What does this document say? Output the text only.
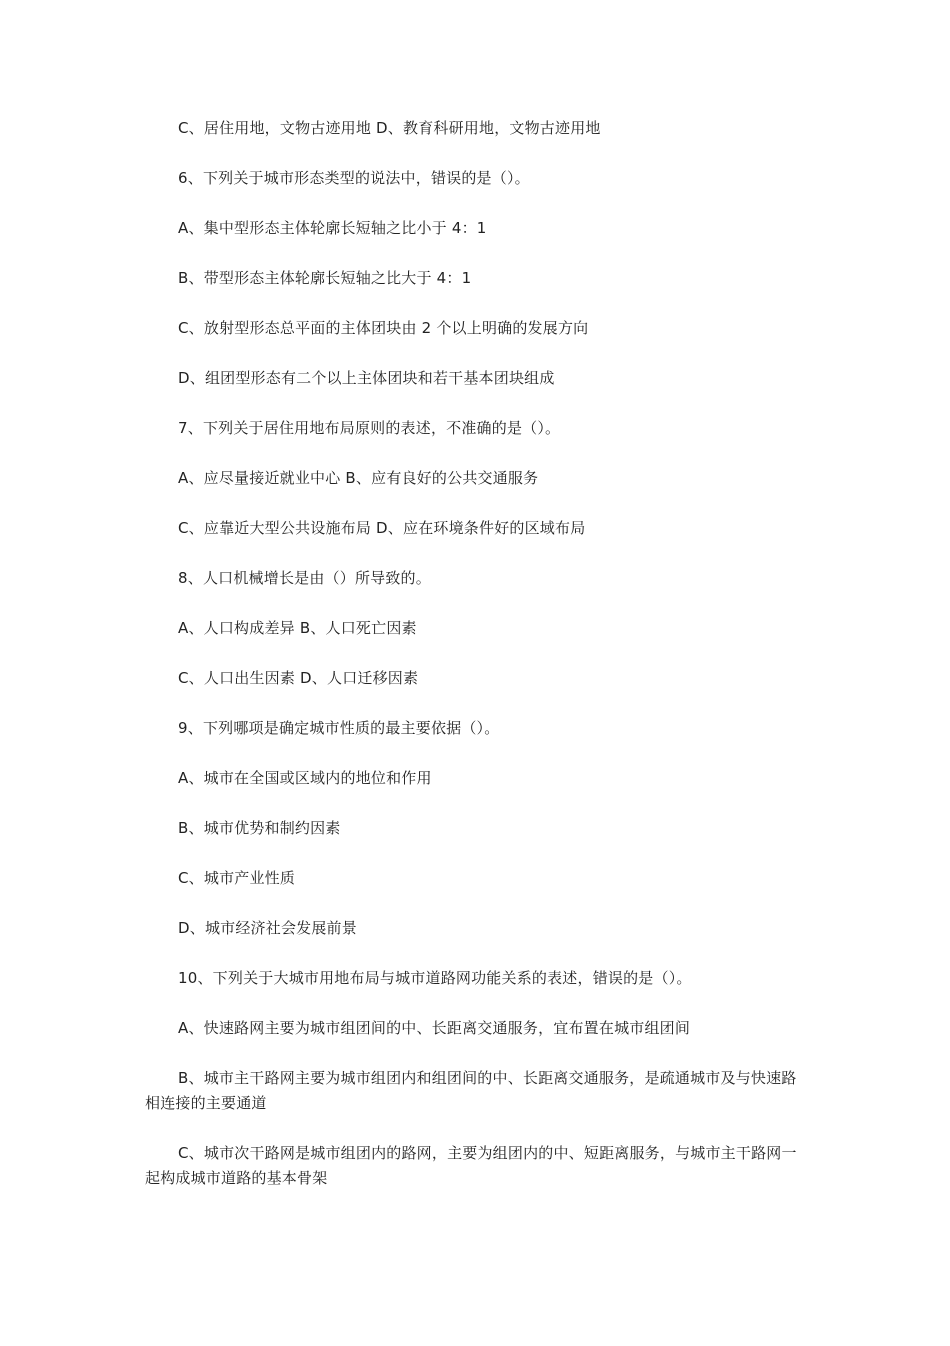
C、居住用地，文物古迹用地 D、教育科研用地，文物古迹用地
6、下列关于城市形态类型的说法中，错误的是（）。
A、集中型形态主体轮廓长短轴之比小于 4：1
B、带型形态主体轮廓长短轴之比大于 4：1
C、放射型形态总平面的主体团块由 2 个以上明确的发展方向
D、组团型形态有二个以上主体团块和若干基本团块组成
7、下列关于居住用地布局原则的表述，不准确的是（）。
A、应尽量接近就业中心 B、应有良好的公共交通服务
C、应靠近大型公共设施布局 D、应在环境条件好的区域布局
8、人口机械增长是由（）所导致的。
A、人口构成差异 B、人口死亡因素
C、人口出生因素 D、人口迁移因素
9、下列哪项是确定城市性质的最主要依据（）。
A、城市在全国或区域内的地位和作用
B、城市优势和制约因素
C、城市产业性质
D、城市经济社会发展前景
10、下列关于大城市用地布局与城市道路网功能关系的表述，错误的是（）。
A、快速路网主要为城市组团间的中、长距离交通服务，宜布置在城市组团间
B、城市主干路网主要为城市组团内和组团间的中、长距离交通服务，是疏通城市及与快速路相连接的主要通道
C、城市次干路网是城市组团内的路网，主要为组团内的中、短距离服务，与城市主干路网一起构成城市道路的基本骨架
